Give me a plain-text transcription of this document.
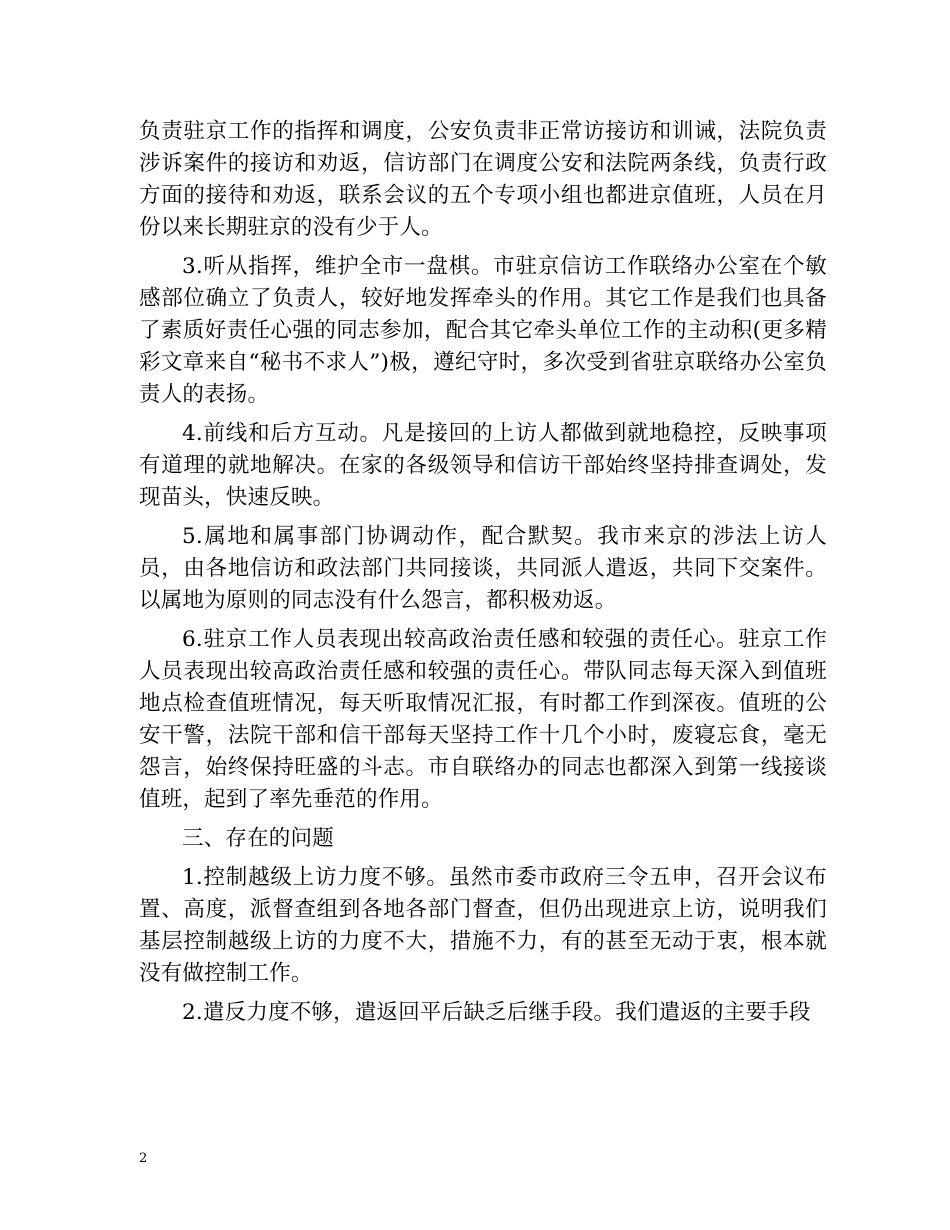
负责驻京工作的指挥和调度，公安负责非正常访接访和训诫，法院负责涉诉案件的接访和劝返，信访部门在调度公安和法院两条线，负责行政方面的接待和劝返，联系会议的五个专项小组也都进京值班，人员在月份以来长期驻京的没有少于人。

3.听从指挥，维护全市一盘棋。市驻京信访工作联络办公室在个敏感部位确立了负责人，较好地发挥牵头的作用。其它工作是我们也具备了素质好责任心强的同志参加，配合其它牵头单位工作的主动积(更多精彩文章来自“秘书不求人”)极，遵纪守时，多次受到省驻京联络办公室负责人的表扬。

4.前线和后方互动。凡是接回的上访人都做到就地稳控，反映事项有道理的就地解决。在家的各级领导和信访干部始终坚持排查调处，发现苗头，快速反映。

5.属地和属事部门协调动作，配合默契。我市来京的涉法上访人员，由各地信访和政法部门共同接谈，共同派人遣返，共同下交案件。以属地为原则的同志没有什么怨言，都积极劝返。

6.驻京工作人员表现出较高政治责任感和较强的责任心。驻京工作人员表现出较高政治责任感和较强的责任心。带队同志每天深入到值班地点检查值班情况，每天听取情况汇报，有时都工作到深夜。值班的公安干警，法院干部和信干部每天坚持工作十几个小时，废寝忘食，毫无怨言，始终保持旺盛的斗志。市自联络办的同志也都深入到第一线接谈值班，起到了率先垂范的作用。

三、存在的问题

1.控制越级上访力度不够。虽然市委市政府三令五申，召开会议布置、高度，派督查组到各地各部门督查，但仍出现进京上访，说明我们基层控制越级上访的力度不大，措施不力，有的甚至无动于衷，根本就没有做控制工作。

2.遣反力度不够，遣返回平后缺乏后继手段。我们遣返的主要手段

2
